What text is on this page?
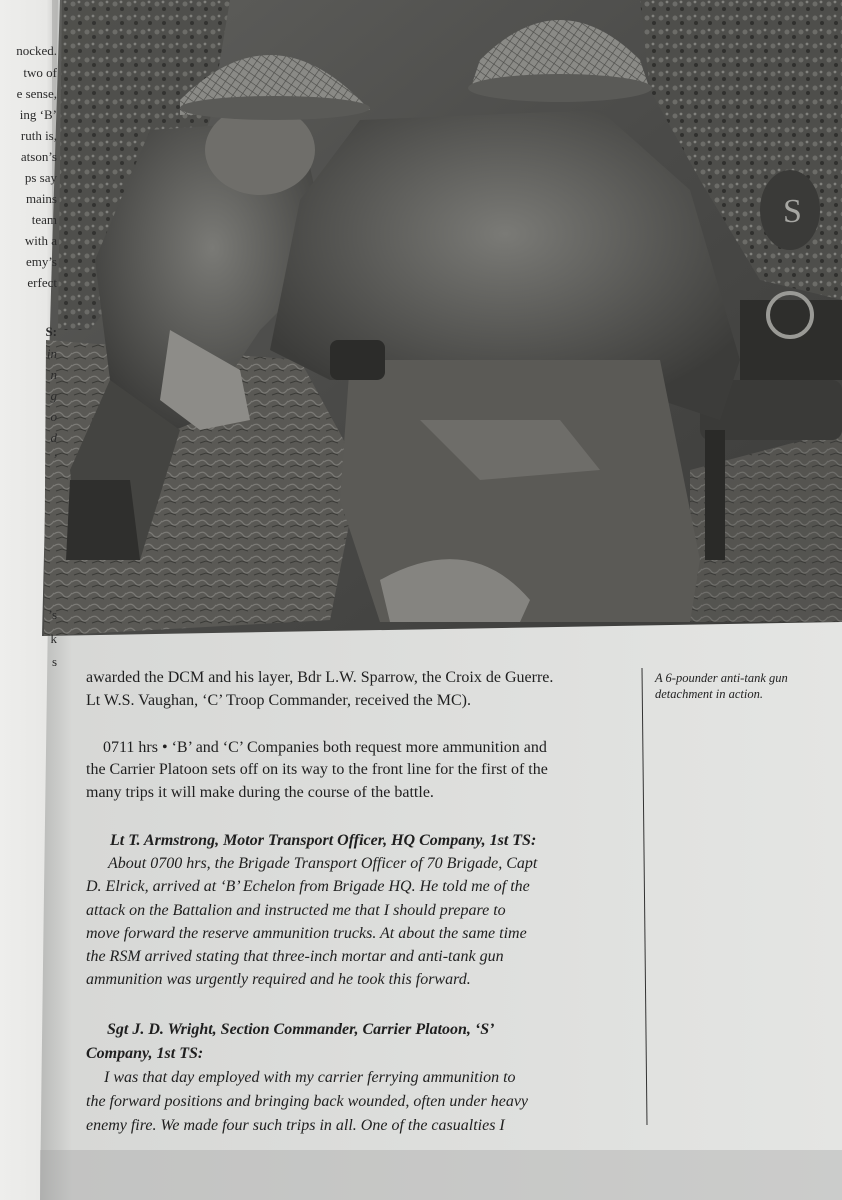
S
nocked.
two of
e sense,
ing ‘B’
ruth is,
atson’s
ps say
mains
team
with a
emy’s
erfect
S:
in
n
g
o
d
’
’s
k
s
awarded the DCM and his layer, Bdr L.W. Sparrow, the Croix de Guerre.
Lt W.S. Vaughan, ‘C’ Troop Commander, received the MC).
0711 hrs • ‘B’ and ‘C’ Companies both request more ammunition and
the Carrier Platoon sets off on its way to the front line for the first of the
many trips it will make during the course of the battle.
Lt T. Armstrong, Motor Transport Officer, HQ Company, 1st TS:
About 0700 hrs, the Brigade Transport Officer of 70 Brigade, Capt
D. Elrick, arrived at ‘B’ Echelon from Brigade HQ. He told me of the
attack on the Battalion and instructed me that I should prepare to
move forward the reserve ammunition trucks. At about the same time
the RSM arrived stating that three-inch mortar and anti-tank gun
ammunition was urgently required and he took this forward.
Sgt J. D. Wright, Section Commander, Carrier Platoon, ‘S’
Company, 1st TS:
I was that day employed with my carrier ferrying ammunition to
the forward positions and bringing back wounded, often under heavy
enemy fire. We made four such trips in all. One of the casualties I
A 6-pounder anti-tank gun
detachment in action.
